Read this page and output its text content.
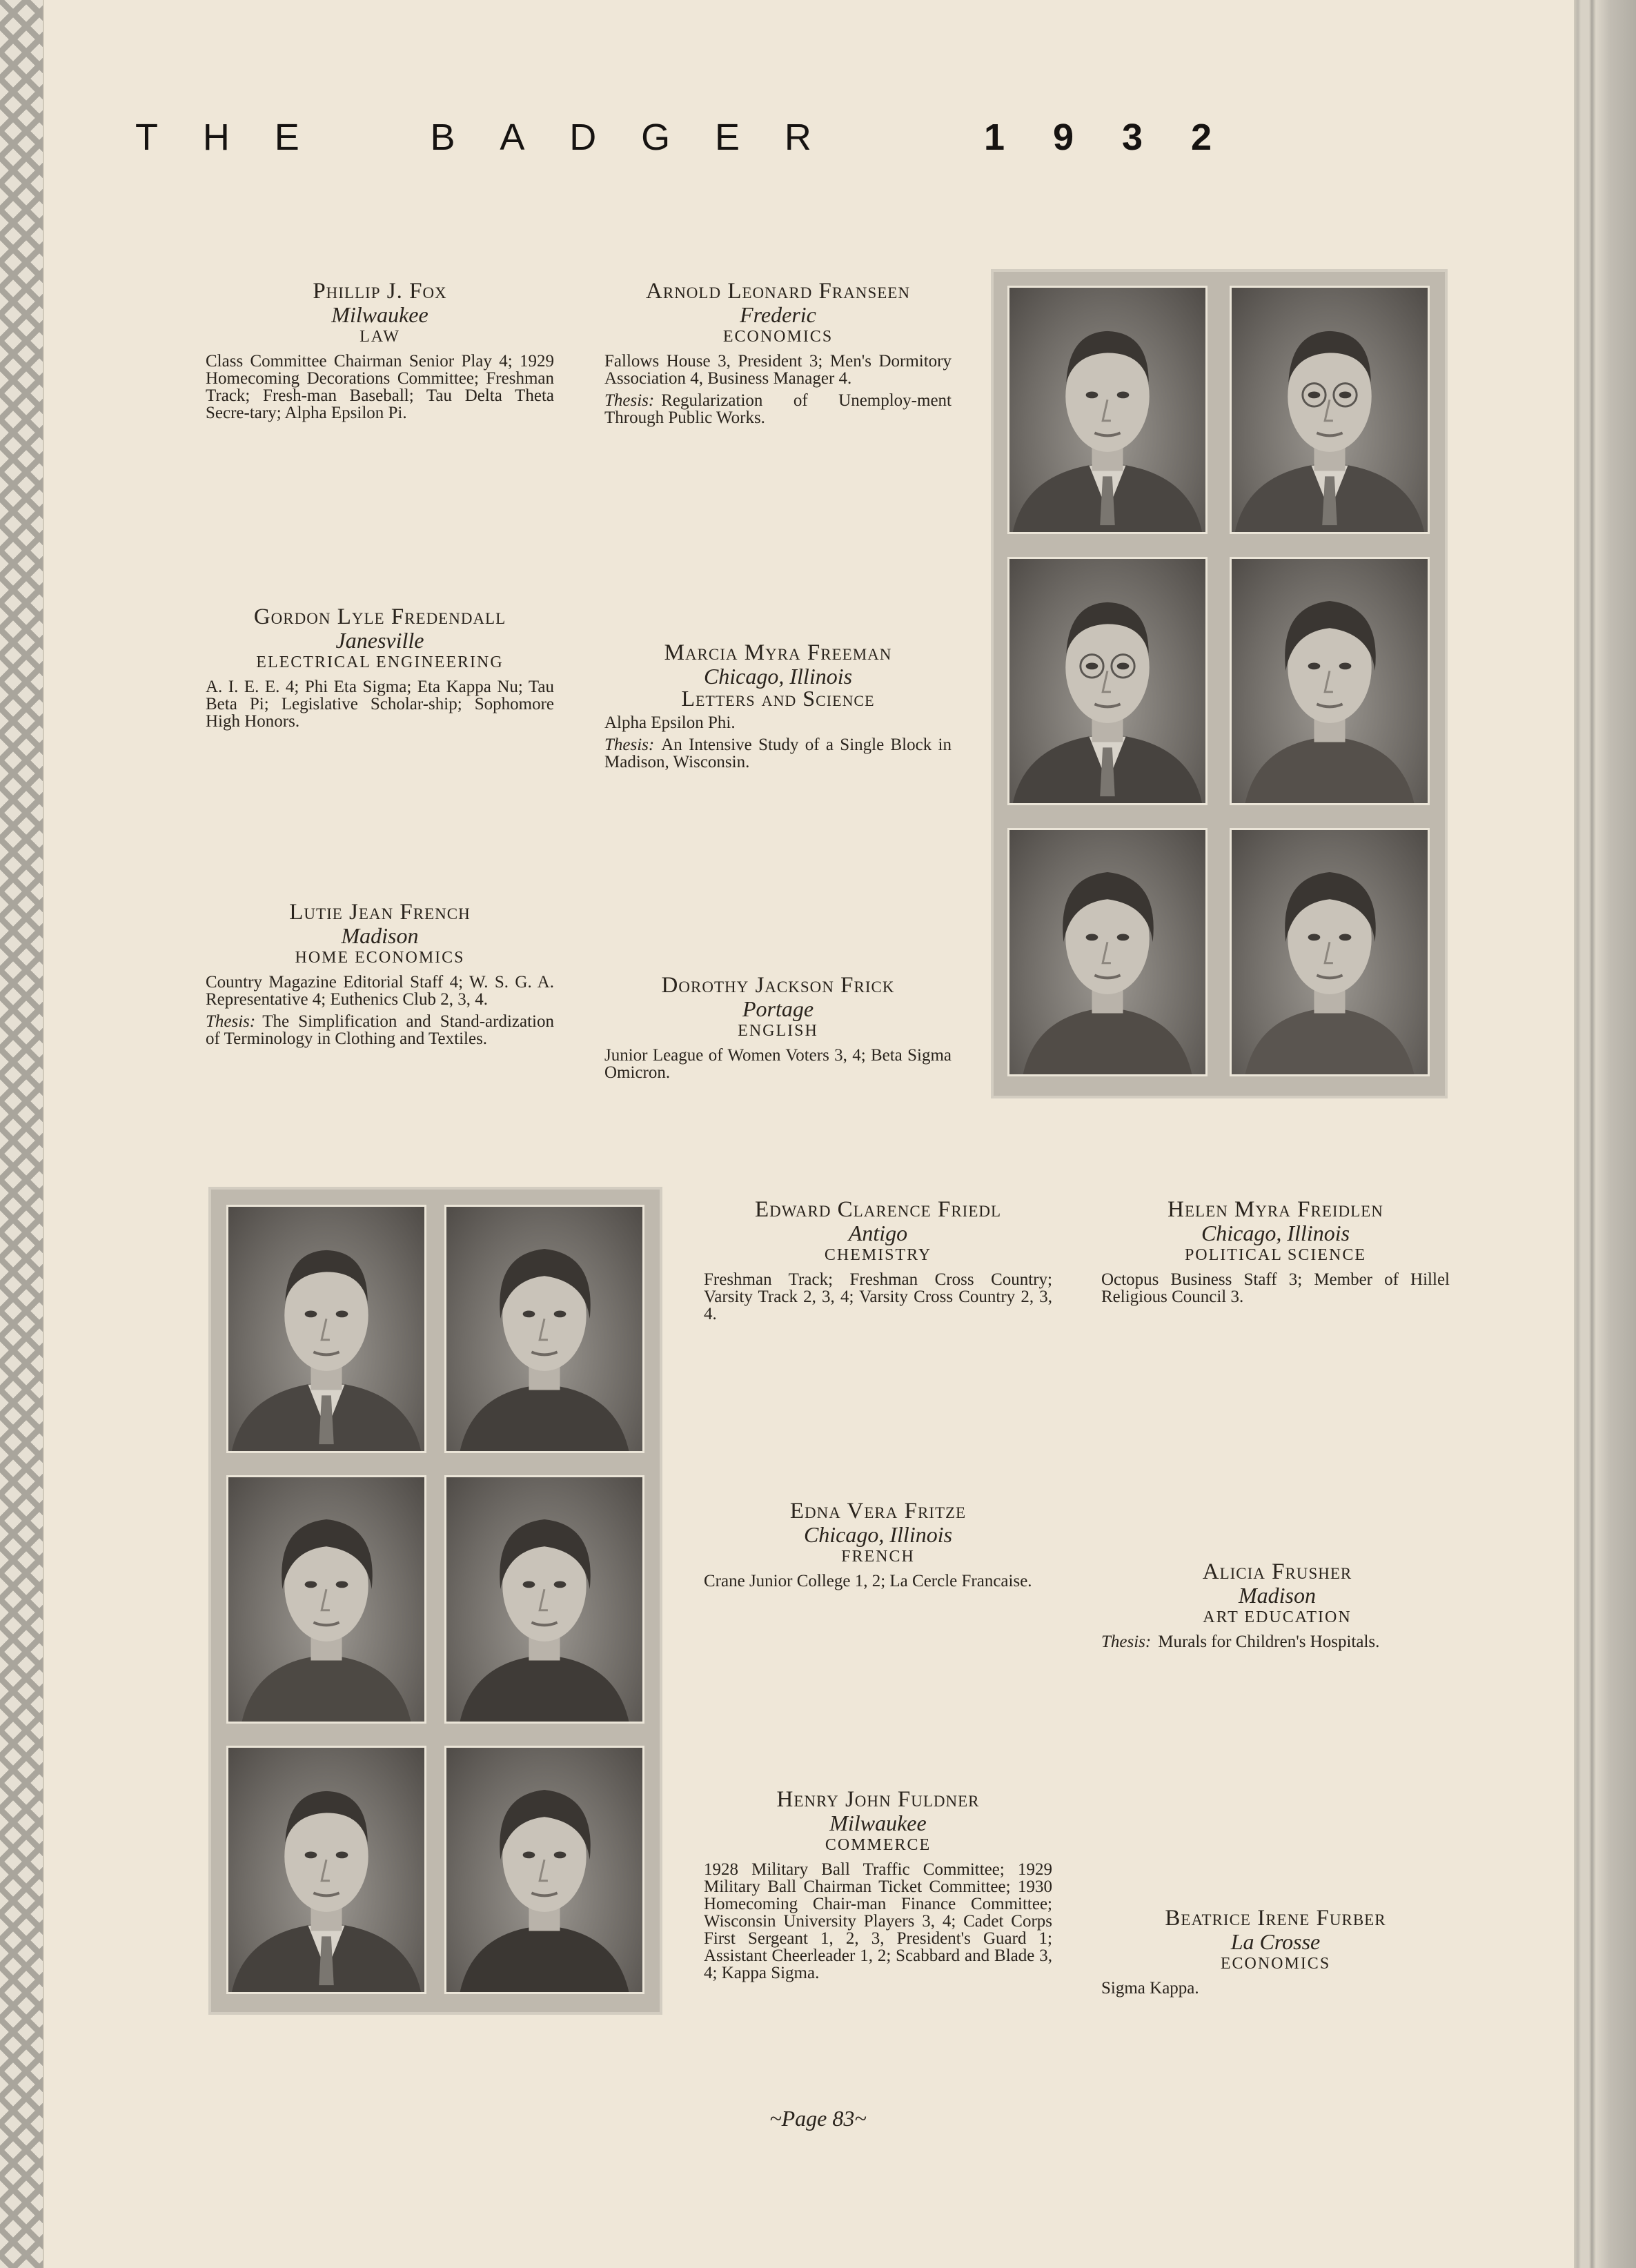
T H E	B A D G E R	1 9 3 2
Phillip J. Fox
Milwaukee
LAW
Class Committee Chairman Senior Play 4; 1929 Homecoming Decorations Committee; Freshman Track; Fresh-man Baseball; Tau Delta Theta Secre-tary; Alpha Epsilon Pi.
Arnold Leonard Franseen
Frederic
ECONOMICS
Fallows House 3, President 3; Men's Dormitory Association 4, Business Manager 4.
Thesis: Regularization of Unemploy-ment Through Public Works.
Gordon Lyle Fredendall
Janesville
ELECTRICAL ENGINEERING
A. I. E. E. 4; Phi Eta Sigma; Eta Kappa Nu; Tau Beta Pi; Legislative Scholar-ship; Sophomore High Honors.
Marcia Myra Freeman
Chicago, Illinois
Letters and Science
Alpha Epsilon Phi.
Thesis: An Intensive Study of a Single Block in Madison, Wisconsin.
Lutie Jean French
Madison
HOME ECONOMICS
Country Magazine Editorial Staff 4; W. S. G. A. Representative 4; Euthenics Club 2, 3, 4.
Thesis: The Simplification and Stand-ardization of Terminology in Clothing and Textiles.
Dorothy Jackson Frick
Portage
ENGLISH
Junior League of Women Voters 3, 4; Beta Sigma Omicron.
Edward Clarence Friedl
Antigo
CHEMISTRY
Freshman Track; Freshman Cross Country; Varsity Track 2, 3, 4; Varsity Cross Country 2, 3, 4.
Helen Myra Freidlen
Chicago, Illinois
POLITICAL SCIENCE
Octopus Business Staff 3; Member of Hillel Religious Council 3.
Edna Vera Fritze
Chicago, Illinois
FRENCH
Crane Junior College 1, 2; La Cercle Francaise.	Alicia Frusher
Madison
ART EDUCATION
Thesis: Murals for Children's Hospitals.
Henry John Fuldner
Milwaukee
COMMERCE
1928 Military Ball Traffic Committee; 1929 Military Ball Chairman Ticket Committee; 1930 Homecoming Chair-man Finance Committee; Wisconsin University Players 3, 4; Cadet Corps First Sergeant 1, 2, 3, President's Guard 1; Assistant Cheerleader 1, 2; Scabbard and Blade 3, 4; Kappa Sigma.
Beatrice Irene Furber
La Crosse
ECONOMICS
Sigma Kappa.
~Page 83~
